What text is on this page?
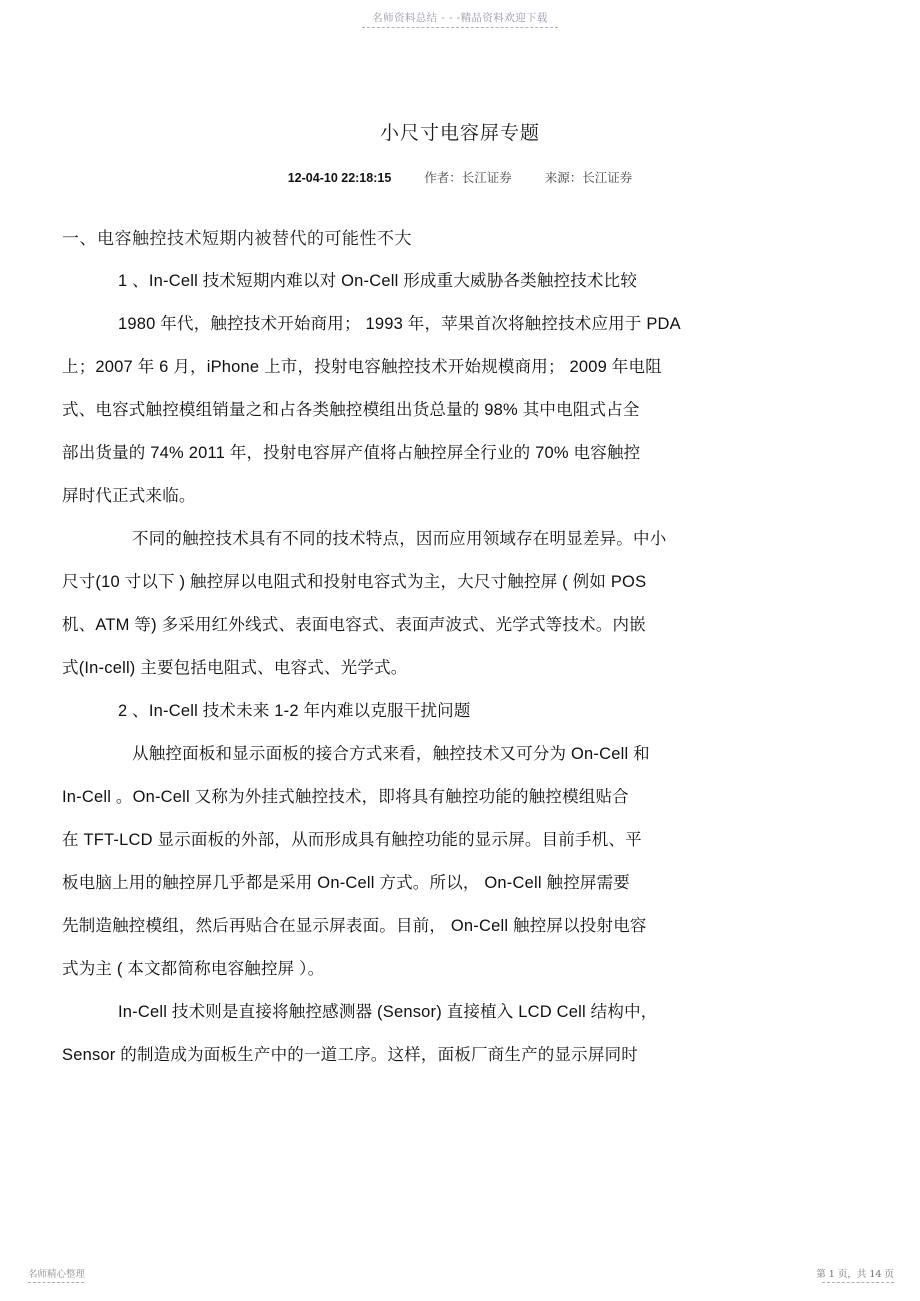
名师资料总结 - - -精品资料欢迎下载
小尺寸电容屏专题
12-04-10 22:18:15	作者：长江证券	来源：长江证券
一、电容触控技术短期内被替代的可能性不大
1 、In-Cell 技术短期内难以对 On-Cell 形成重大威胁各类触控技术比较
1980 年代，触控技术开始商用； 1993 年，苹果首次将触控技术应用于 PDA
上；2007 年 6 月，iPhone 上市，投射电容触控技术开始规模商用； 2009 年电阻
式、电容式触控模组销量之和占各类触控模组出货总量的 98% 其中电阻式占全
部出货量的 74% 2011 年，投射电容屏产值将占触控屏全行业的 70% 电容触控
屏时代正式来临。
不同的触控技术具有不同的技术特点，因而应用领域存在明显差异。中小
尺寸(10 寸以下 ) 触控屏以电阻式和投射电容式为主，大尺寸触控屏 ( 例如 POS
机、ATM 等) 多采用红外线式、表面电容式、表面声波式、光学式等技术。内嵌
式(In-cell) 主要包括电阻式、电容式、光学式。
2 、In-Cell 技术未来 1-2 年内难以克服干扰问题
从触控面板和显示面板的接合方式来看，触控技术又可分为 On-Cell 和
In-Cell 。On-Cell 又称为外挂式触控技术，即将具有触控功能的触控模组贴合
在 TFT-LCD 显示面板的外部，从而形成具有触控功能的显示屏。目前手机、平
板电脑上用的触控屏几乎都是采用 On-Cell 方式。所以， On-Cell 触控屏需要
先制造触控模组，然后再贴合在显示屏表面。目前， On-Cell 触控屏以投射电容
式为主 ( 本文都简称电容触控屏 ）。
In-Cell 技术则是直接将触控感测器 (Sensor) 直接植入 LCD Cell 结构中，
Sensor 的制造成为面板生产中的一道工序。这样，面板厂商生产的显示屏同时
名师精心整理	第 1 页，共 14 页
